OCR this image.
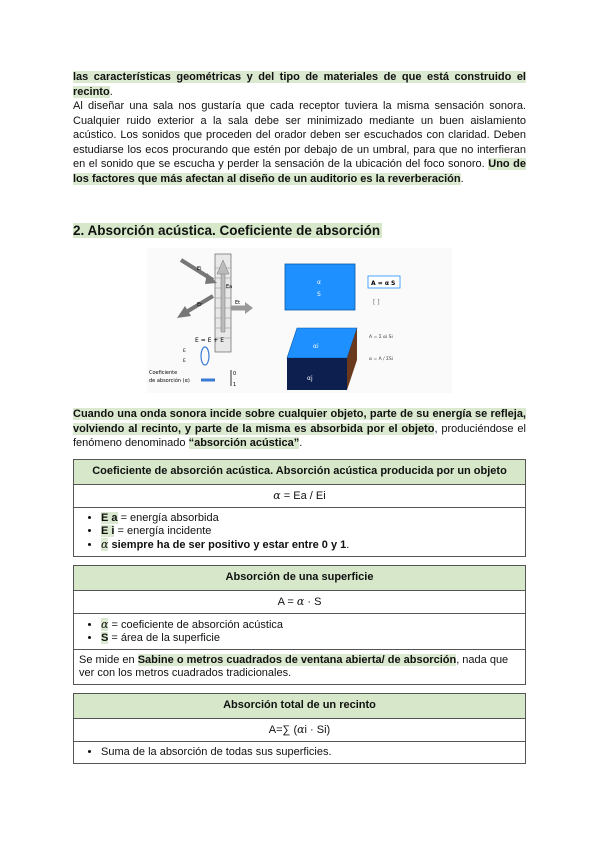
las características geométricas y del tipo de materiales de que está construido el recinto.
Al diseñar una sala nos gustaría que cada receptor tuviera la misma sensación sonora. Cualquier ruido exterior a la sala debe ser minimizado mediante un buen aislamiento acústico. Los sonidos que proceden del orador deben ser escuchados con claridad. Deben estudiarse los ecos procurando que estén por debajo de un umbral, para que no interfieran en el sonido que se escucha y perder la sensación de la ubicación del foco sonoro. Uno de los factores que más afectan al diseño de un auditorio es la reverberación.

2. Absorción acústica. Coeficiente de absorción
Ei
Ea
Er	Et
E = E + E
E
E
Coeficiente
de absorción (α)
0
1
α
S
A = α S
[ ]
αi
αj
A = Σ αi Si
α = A / ΣSi

Cuando una onda sonora incide sobre cualquier objeto, parte de su energía se refleja, volviendo al recinto, y parte de la misma es absorbida por el objeto, produciéndose el fenómeno denominado “absorción acústica”.

Coeficiente de absorción acústica. Absorción acústica producida por un objeto
α = Ea / Ei

• E a = energía absorbida
• E i = energía incidente
• α siempre ha de ser positivo y estar entre 0 y 1.
Absorción de una superficie
A = α · S

• α = coeficiente de absorción acústica
• S = área de la superficie

Se mide en Sabine o metros cuadrados de ventana abierta/ de absorción, nada que ver con los metros cuadrados tradicionales.
Absorción total de un recinto
A=∑ (αi · Si)

• Suma de la absorción de todas sus superficies.
